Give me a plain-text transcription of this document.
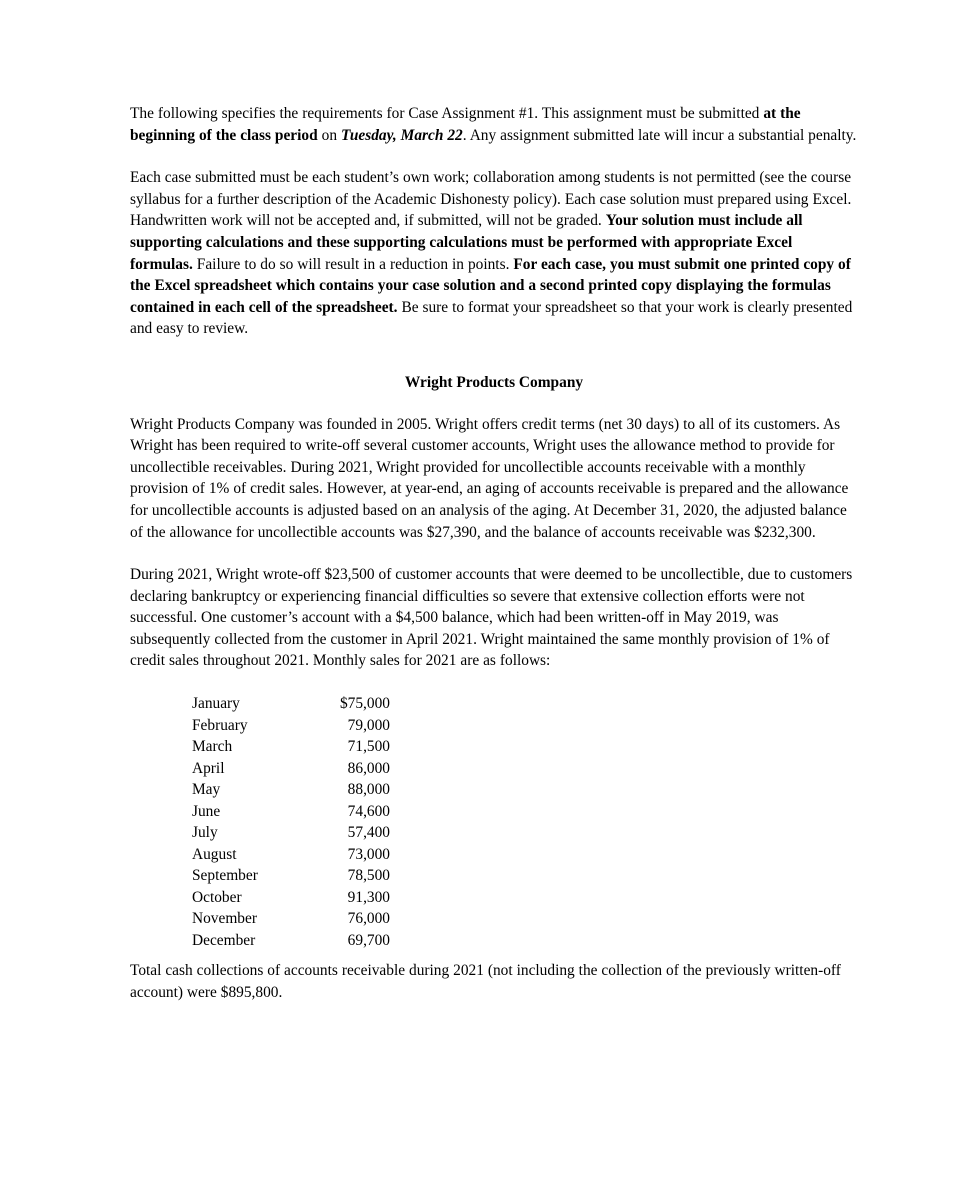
The following specifies the requirements for Case Assignment #1. This assignment must be submitted at the beginning of the class period on Tuesday, March 22. Any assignment submitted late will incur a substantial penalty.

Each case submitted must be each student’s own work; collaboration among students is not permitted (see the course syllabus for a further description of the Academic Dishonesty policy). Each case solution must prepared using Excel. Handwritten work will not be accepted and, if submitted, will not be graded. Your solution must include all supporting calculations and these supporting calculations must be performed with appropriate Excel formulas. Failure to do so will result in a reduction in points. For each case, you must submit one printed copy of the Excel spreadsheet which contains your case solution and a second printed copy displaying the formulas contained in each cell of the spreadsheet. Be sure to format your spreadsheet so that your work is clearly presented and easy to review.

Wright Products Company

Wright Products Company was founded in 2005. Wright offers credit terms (net 30 days) to all of its customers. As Wright has been required to write-off several customer accounts, Wright uses the allowance method to provide for uncollectible receivables. During 2021, Wright provided for uncollectible accounts receivable with a monthly provision of 1% of credit sales. However, at year-end, an aging of accounts receivable is prepared and the allowance for uncollectible accounts is adjusted based on an analysis of the aging. At December 31, 2020, the adjusted balance of the allowance for uncollectible accounts was $27,390, and the balance of accounts receivable was $232,300.

During 2021, Wright wrote-off $23,500 of customer accounts that were deemed to be uncollectible, due to customers declaring bankruptcy or experiencing financial difficulties so severe that extensive collection efforts were not successful. One customer’s account with a $4,500 balance, which had been written-off in May 2019, was subsequently collected from the customer in April 2021. Wright maintained the same monthly provision of 1% of credit sales throughout 2021. Monthly sales for 2021 are as follows:

January	$75,000
February	79,000
March	71,500
April	86,000
May	88,000
June	74,600
July	57,400
August	73,000
September	78,500
October	91,300
November	76,000
December	69,700

Total cash collections of accounts receivable during 2021 (not including the collection of the previously written-off account) were $895,800.
